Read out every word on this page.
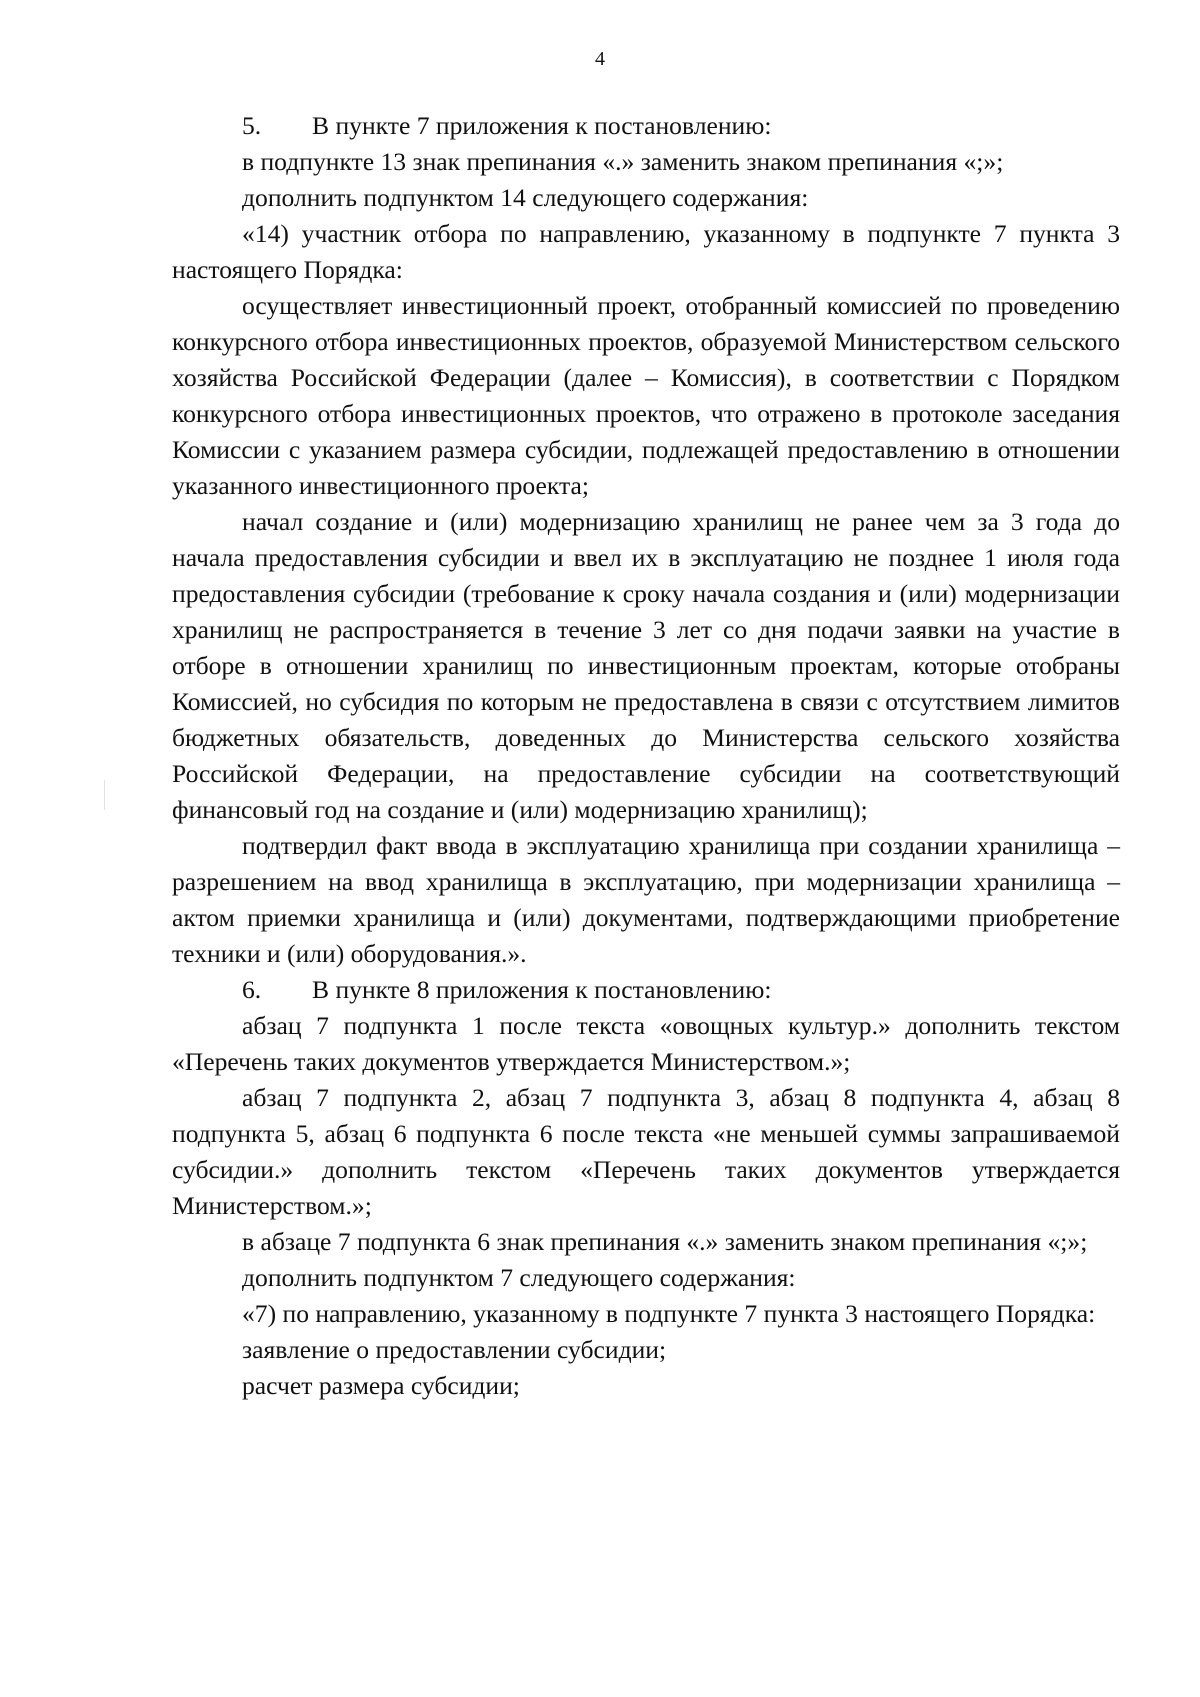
4

5. В пункте 7 приложения к постановлению:

в подпункте 13 знак препинания «.» заменить знаком препинания «;»;

дополнить подпунктом 14 следующего содержания:

«14) участник отбора по направлению, указанному в подпункте 7 пункта 3 настоящего Порядка:

осуществляет инвестиционный проект, отобранный комиссией по проведению конкурсного отбора инвестиционных проектов, образуемой Министерством сельского хозяйства Российской Федерации (далее – Комиссия), в соответствии с Порядком конкурсного отбора инвестиционных проектов, что отражено в протоколе заседания Комиссии с указанием размера субсидии, подлежащей предоставлению в отношении указанного инвестиционного проекта;

начал создание и (или) модернизацию хранилищ не ранее чем за 3 года до начала предоставления субсидии и ввел их в эксплуатацию не позднее 1 июля года предоставления субсидии (требование к сроку начала создания и (или) модернизации хранилищ не распространяется в течение 3 лет со дня подачи заявки на участие в отборе в отношении хранилищ по инвестиционным проектам, которые отобраны Комиссией, но субсидия по которым не предоставлена в связи с отсутствием лимитов бюджетных обязательств, доведенных до Министерства сельского хозяйства Российской Федерации, на предоставление субсидии на соответствующий финансовый год на создание и (или) модернизацию хранилищ);

подтвердил факт ввода в эксплуатацию хранилища при создании хранилища – разрешением на ввод хранилища в эксплуатацию, при модернизации хранилища – актом приемки хранилища и (или) документами, подтверждающими приобретение техники и (или) оборудования.».

6. В пункте 8 приложения к постановлению:

абзац 7 подпункта 1 после текста «овощных культур.» дополнить текстом «Перечень таких документов утверждается Министерством.»;

абзац 7 подпункта 2, абзац 7 подпункта 3, абзац 8 подпункта 4, абзац 8 подпункта 5, абзац 6 подпункта 6 после текста «не меньшей суммы запрашиваемой субсидии.» дополнить текстом «Перечень таких документов утверждается Министерством.»;

в абзаце 7 подпункта 6 знак препинания «.» заменить знаком препинания «;»;

дополнить подпунктом 7 следующего содержания:

«7) по направлению, указанному в подпункте 7 пункта 3 настоящего Порядка:

заявление о предоставлении субсидии;

расчет размера субсидии;
